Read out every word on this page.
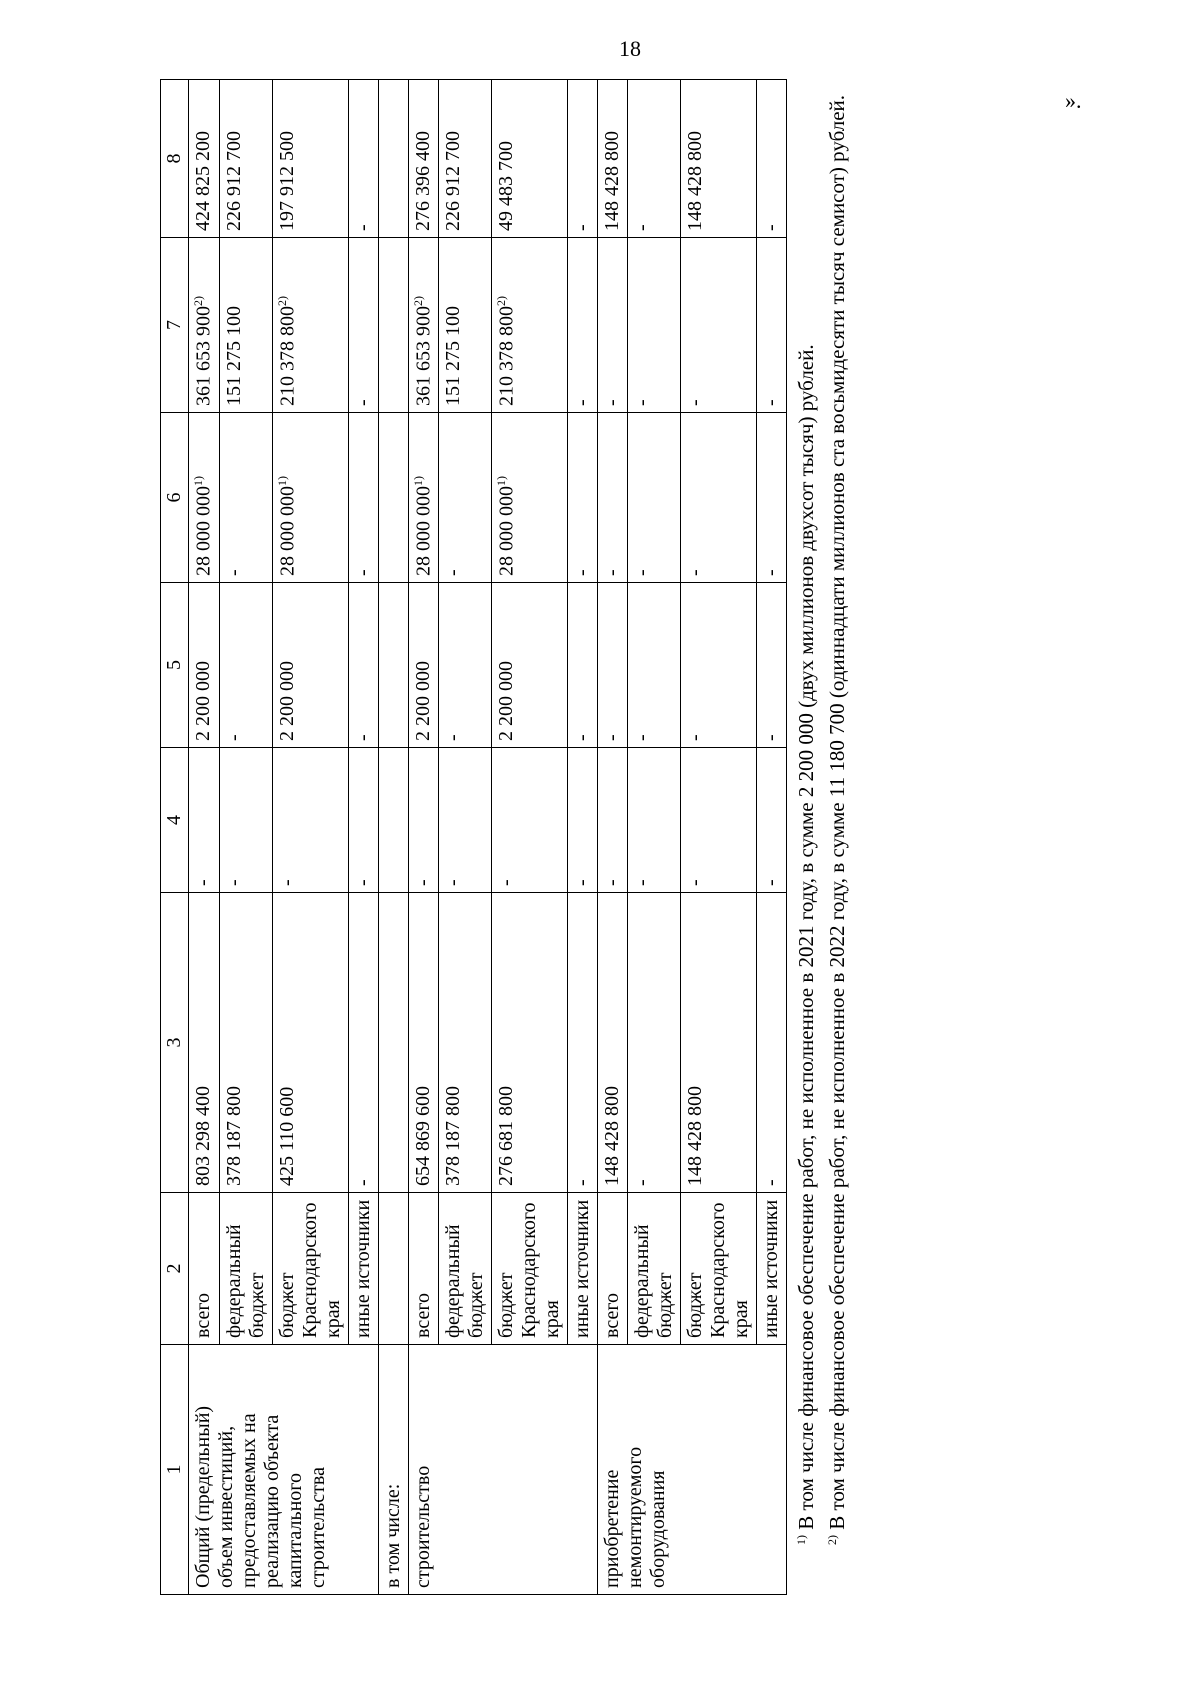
18
1	2	3	4	5	6	7	8
Общий (предельный) объем инвестиций, предоставляемых на реализацию объекта капитального строительства	всего	803 298 400	-	2 200 000	28 000 000$^{1)}$	361 653 900$^{2)}$	424 825 200
	федеральный бюджет	378 187 800	-	-	-	151 275 100	226 912 700
	бюджет Краснодарского края	425 110 600	-	2 200 000	28 000 000$^{1)}$	210 378 800$^{2)}$	197 912 500
	иные источники	-	-	-	-	-	-
в том числе:							
строительство	всего	654 869 600	-	2 200 000	28 000 000$^{1)}$	361 653 900$^{2)}$	276 396 400
	федеральный бюджет	378 187 800	-	-	-	151 275 100	226 912 700
	бюджет Краснодарского края	276 681 800	-	2 200 000	28 000 000$^{1)}$	210 378 800$^{2)}$	49 483 700
	иные источники	-	-	-	-	-	-
приобретение немонтируемого оборудования	всего	148 428 800	-	-	-	-	148 428 800
	федеральный бюджет	-	-	-	-	-	-
	бюджет Краснодарского края	148 428 800	-	-	-	-	148 428 800
	иные источники	-	-	-	-	-	-

$^{1)}$ В том числе финансовое обеспечение работ, не исполненное в 2021 году, в сумме 2 200 000 (двух миллионов двухсот тысяч) рублей.

$^{2)}$ В том числе финансовое обеспечение работ, не исполненное в 2022 году, в сумме 11 180 700 (одиннадцати миллионов ста восьмидесяти тысяч семисот) рублей.	».
